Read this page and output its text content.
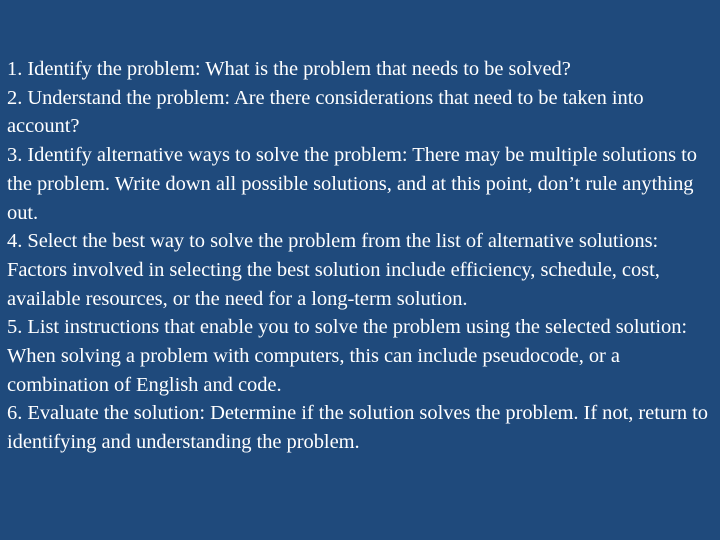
1. Identify the problem: What is the problem that needs to be solved?
2. Understand the problem: Are there considerations that need to be taken into account?
3. Identify alternative ways to solve the problem: There may be multiple solutions to the problem. Write down all possible solutions, and at this point, don’t rule anything out.
4. Select the best way to solve the problem from the list of alternative solutions: Factors involved in selecting the best solution include efficiency, schedule, cost, available resources, or the need for a long-term solution.
5. List instructions that enable you to solve the problem using the selected solution: When solving a problem with computers, this can include pseudocode, or a combination of English and code.
6. Evaluate the solution: Determine if the solution solves the problem. If not, return to identifying and understanding the problem.
